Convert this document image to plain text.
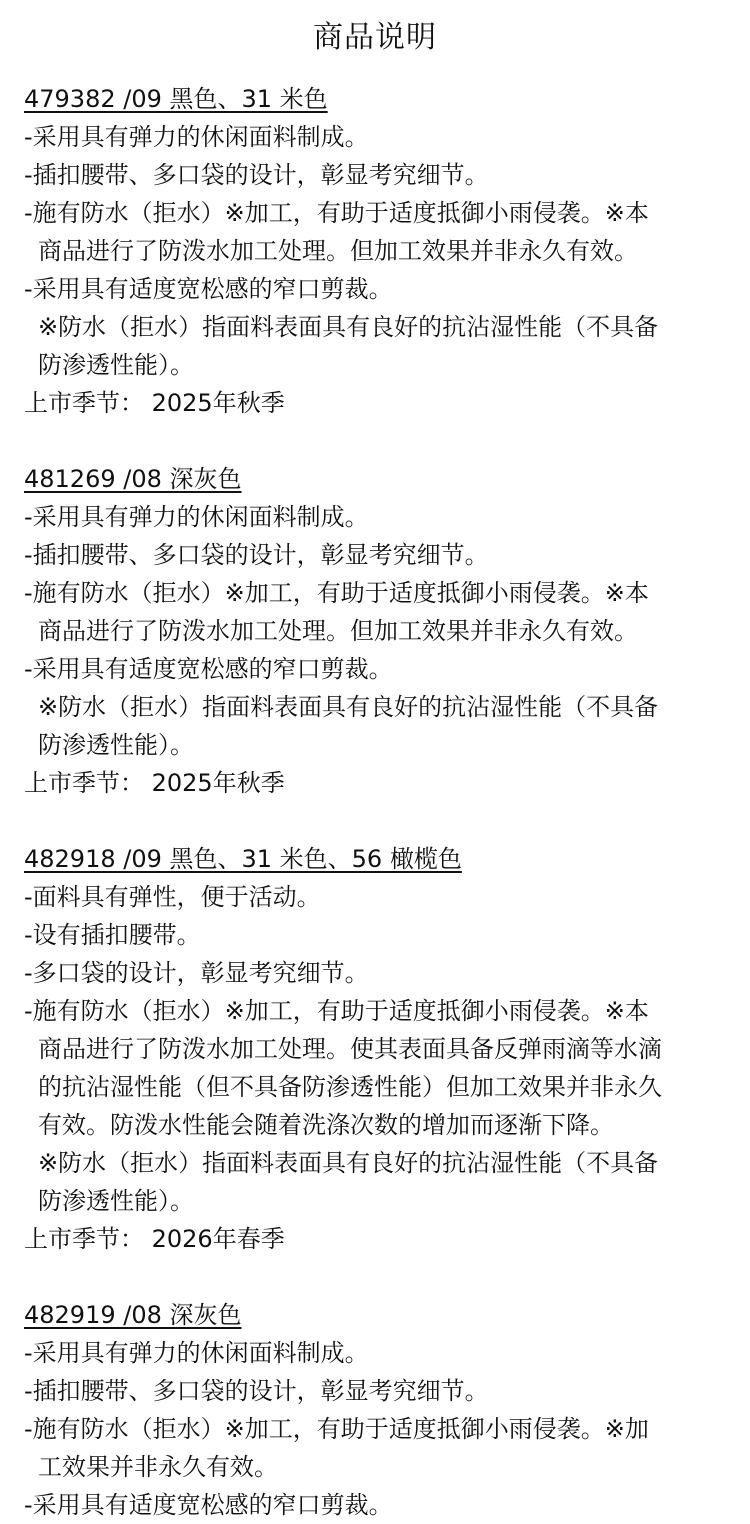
商品说明
479382 /09 黑色、31 米色
-采用具有弹力的休闲面料制成。
-插扣腰带、多口袋的设计，彰显考究细节。
-施有防水（拒水）※加工，有助于适度抵御小雨侵袭。※本
商品进行了防泼水加工处理。但加工效果并非永久有效。
-采用具有适度宽松感的窄口剪裁。
※防水（拒水）指面料表面具有良好的抗沾湿性能（不具备
防渗透性能）。
上市季节： 2025年秋季
481269 /08 深灰色
-采用具有弹力的休闲面料制成。
-插扣腰带、多口袋的设计，彰显考究细节。
-施有防水（拒水）※加工，有助于适度抵御小雨侵袭。※本
商品进行了防泼水加工处理。但加工效果并非永久有效。
-采用具有适度宽松感的窄口剪裁。
※防水（拒水）指面料表面具有良好的抗沾湿性能（不具备
防渗透性能）。
上市季节： 2025年秋季
482918 /09 黑色、31 米色、56 橄榄色
-面料具有弹性，便于活动。
-设有插扣腰带。
-多口袋的设计，彰显考究细节。
-施有防水（拒水）※加工，有助于适度抵御小雨侵袭。※本
商品进行了防泼水加工处理。使其表面具备反弹雨滴等水滴
的抗沾湿性能（但不具备防渗透性能）但加工效果并非永久
有效。防泼水性能会随着洗涤次数的增加而逐渐下降。
※防水（拒水）指面料表面具有良好的抗沾湿性能（不具备
防渗透性能）。
上市季节： 2026年春季
482919 /08 深灰色
-采用具有弹力的休闲面料制成。
-插扣腰带、多口袋的设计，彰显考究细节。
-施有防水（拒水）※加工，有助于适度抵御小雨侵袭。※加
工效果并非永久有效。
-采用具有适度宽松感的窄口剪裁。
